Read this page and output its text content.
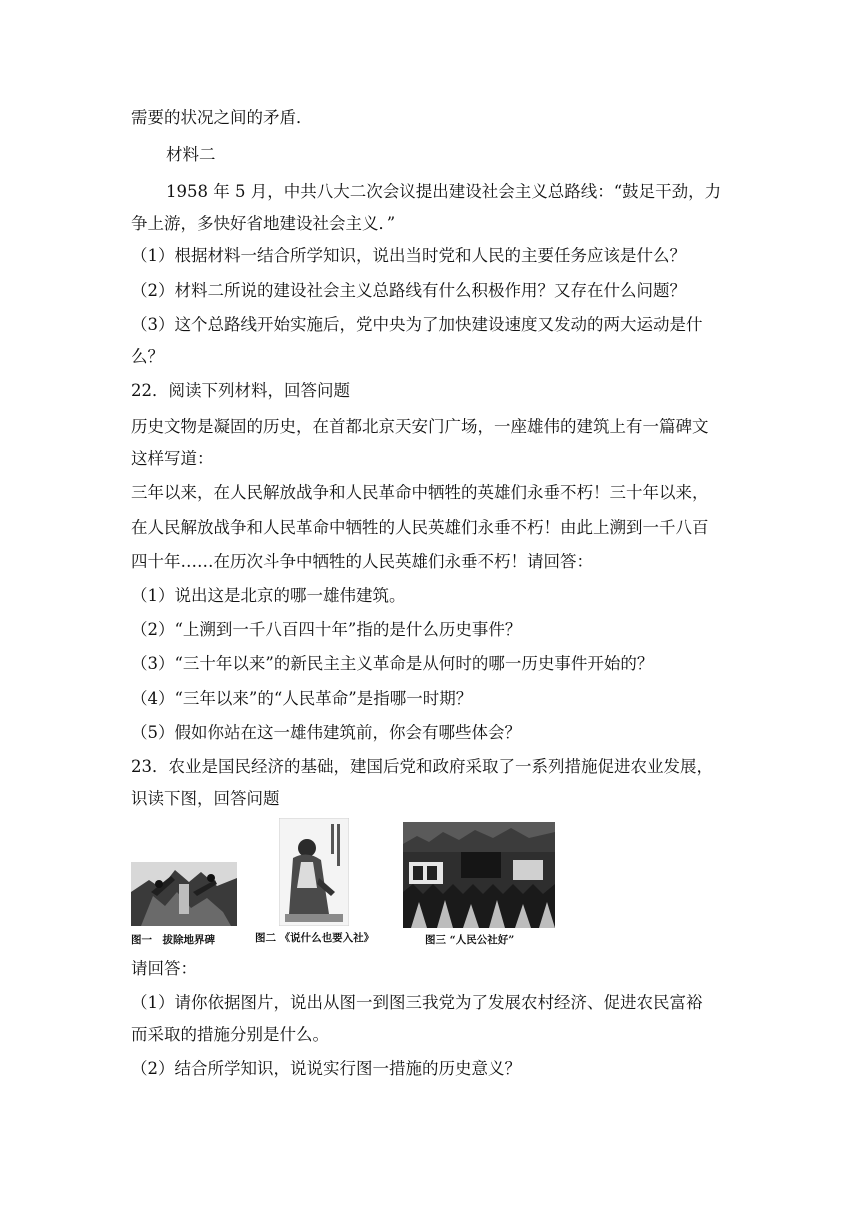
需要的状况之间的矛盾．
材料二
1958 年 5 月，中共八大二次会议提出建设社会主义总路线：“鼓足干劲，力
争上游，多快好省地建设社会主义．”
（1）根据材料一结合所学知识，说出当时党和人民的主要任务应该是什么？
（2）材料二所说的建设社会主义总路线有什么积极作用？又存在什么问题？
（3）这个总路线开始实施后，党中央为了加快建设速度又发动的两大运动是什
么？
22．阅读下列材料，回答问题
历史文物是凝固的历史，在首都北京天安门广场，一座雄伟的建筑上有一篇碑文
这样写道：
三年以来，在人民解放战争和人民革命中牺牲的英雄们永垂不朽！三十年以来，
在人民解放战争和人民革命中牺牲的人民英雄们永垂不朽！由此上溯到一千八百
四十年……在历次斗争中牺牲的人民英雄们永垂不朽！请回答：
（1）说出这是北京的哪一雄伟建筑。
（2）“上溯到一千八百四十年”指的是什么历史事件？
（3）“三十年以来”的新民主主义革命是从何时的哪一历史事件开始的？
（4）“三年以来”的“人民革命”是指哪一时期？
（5）假如你站在这一雄伟建筑前，你会有哪些体会？
23．农业是国民经济的基础，建国后党和政府采取了一系列措施促进农业发展，
识读下图，回答问题
图一　拔除地界碑	图二 《说什么也要入社》	图三 “人民公社好”
请回答：
（1）请你依据图片，说出从图一到图三我党为了发展农村经济、促进农民富裕
而采取的措施分别是什么。
（2）结合所学知识，说说实行图一措施的历史意义？
